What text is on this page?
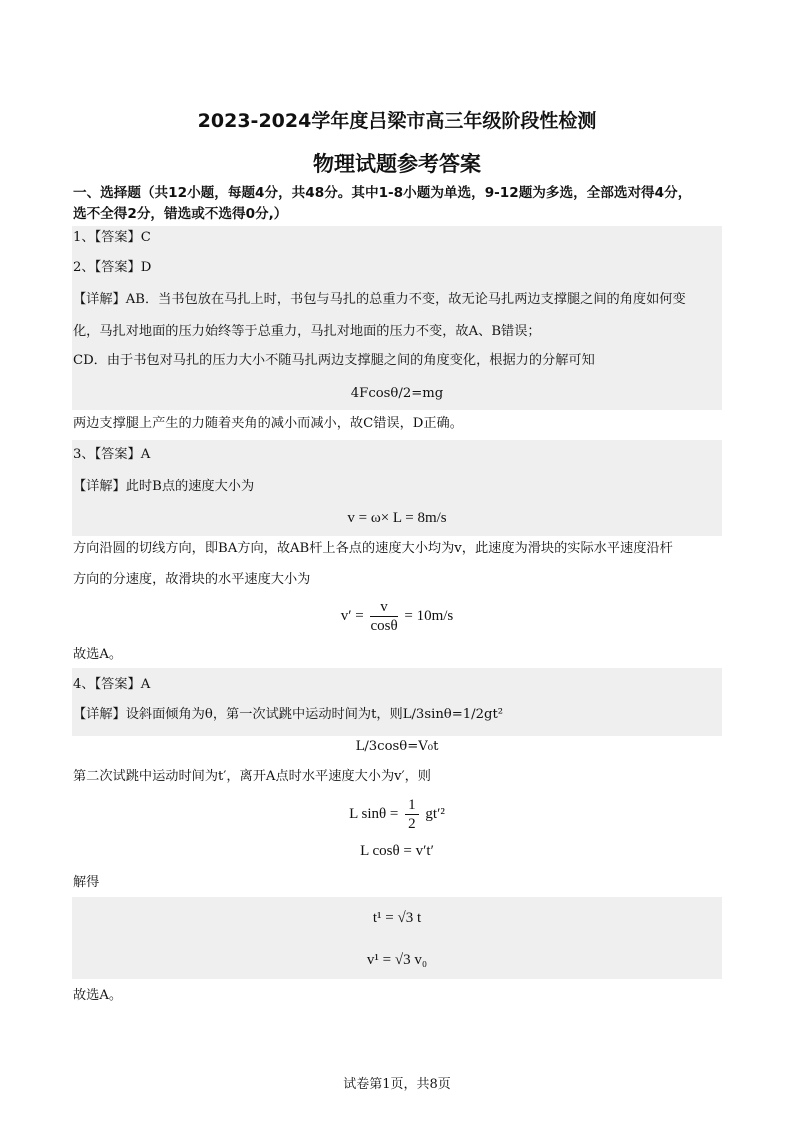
2023-2024学年度吕梁市高三年级阶段性检测
物理试题参考答案
一、选择题（共12小题，每题4分，共48分。其中1-8小题为单选，9-12题为多选，全部选对得4分，
选不全得2分，错选或不选得0分,）
1、【答案】C
2、【答案】D
【详解】AB．当书包放在马扎上时，书包与马扎的总重力不变，故无论马扎两边支撑腿之间的角度如何变
化，马扎对地面的压力始终等于总重力，马扎对地面的压力不变，故A、B错误；
CD．由于书包对马扎的压力大小不随马扎两边支撑腿之间的角度变化，根据力的分解可知
4Fcosθ/2=mg
两边支撑腿上产生的力随着夹角的减小而减小，故C错误，D正确。
3、【答案】A
【详解】此时B点的速度大小为
v = ω× L = 8m/s
方向沿圆的切线方向，即BA方向，故AB杆上各点的速度大小均为v，此速度为滑块的实际水平速度沿杆
方向的分速度，故滑块的水平速度大小为
$v' = \frac{v}{\cos\theta} = 10m/s$
故选A。
4、【答案】A
【详解】设斜面倾角为θ，第一次试跳中运动时间为t，则L/3sinθ=1/2gt²
L/3cosθ=V₀t
第二次试跳中运动时间为t′，离开A点时水平速度大小为v′，则
L $\sin\theta = \frac{1}{2} gt'^2$
L cosθ = v′t′
解得
t¹ = √3 t
v¹ = √3 v₀
故选A。
试卷第1页，共8页
